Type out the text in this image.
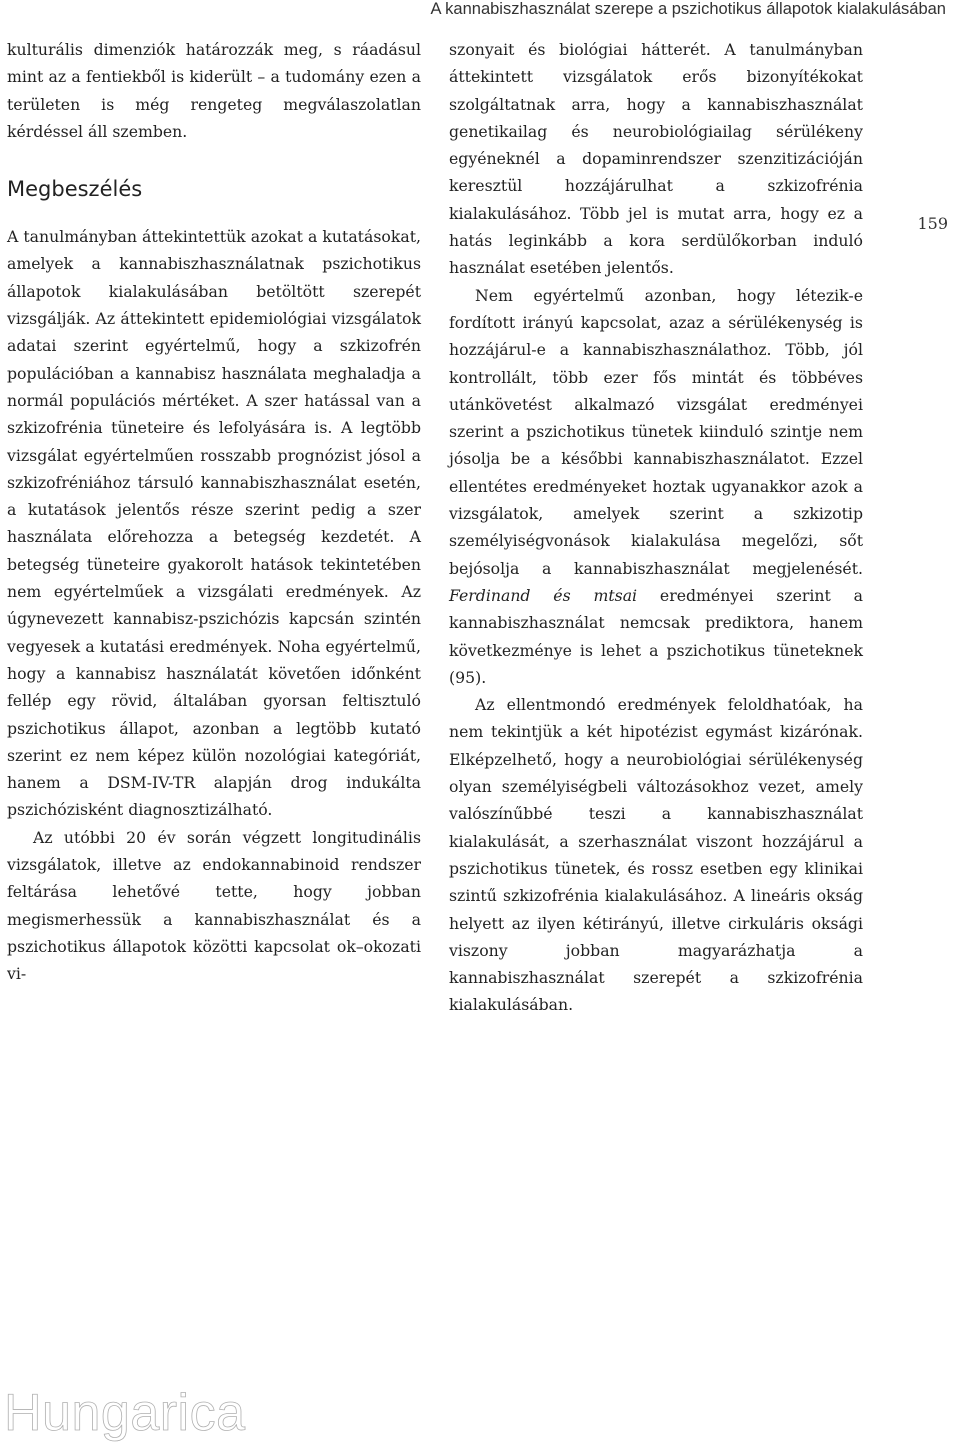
A kannabiszhasználat szerepe a pszichotikus állapotok kialakulásában
159

kulturális dimenziók határozzák meg, s ráadásul mint az a fentiekből is kiderült – a tudomány ezen a területen is még rengeteg megválaszolatlan kérdéssel áll szemben.

Megbeszélés

A tanulmányban áttekintettük azokat a kutatásokat, amelyek a kannabiszhasználatnak pszichotikus állapotok kialakulásában betöltött szerepét vizsgálják. Az áttekintett epidemiológiai vizsgálatok adatai szerint egyértelmű, hogy a szkizofrén populációban a kannabisz használata meghaladja a normál populációs mértéket. A szer hatással van a szkizofrénia tüneteire és lefolyására is. A legtöbb vizsgálat egyértelműen rosszabb prognózist jósol a szkizofréniához társuló kannabiszhasználat esetén, a kutatások jelentős része szerint pedig a szer használata előrehozza a betegség kezdetét. A betegség tüneteire gyakorolt hatások tekintetében nem egyértelműek a vizsgálati eredmények. Az úgynevezett kannabisz-pszichózis kapcsán szintén vegyesek a kutatási eredmények. Noha egyértelmű, hogy a kannabisz használatát követően időnként fellép egy rövid, általában gyorsan feltisztuló pszichotikus állapot, azonban a legtöbb kutató szerint ez nem képez külön nozológiai kategóriát, hanem a DSM-IV-TR alapján drog indukálta pszichózisként diagnosztizálható.

Az utóbbi 20 év során végzett longitudinális vizsgálatok, illetve az endokannabinoid rendszer feltárása lehetővé tette, hogy jobban megismerhessük a kannabiszhasználat és a pszichotikus állapotok közötti kapcsolat ok–okozati vi-

szonyait és biológiai hátterét. A tanulmányban áttekintett vizsgálatok erős bizonyítékokat szolgáltatnak arra, hogy a kannabiszhasználat genetikailag és neurobiológiailag sérülékeny egyéneknél a dopaminrendszer szenzitizációján keresztül hozzájárulhat a szkizofrénia kialakulásához. Több jel is mutat arra, hogy ez a hatás leginkább a kora serdülőkorban induló használat esetében jelentős.

Nem egyértelmű azonban, hogy létezik-e fordított irányú kapcsolat, azaz a sérülékenység is hozzájárul-e a kannabiszhasználathoz. Több, jól kontrollált, több ezer fős mintát és többéves utánkövetést alkalmazó vizsgálat eredményei szerint a pszichotikus tünetek kiinduló szintje nem jósolja be a későbbi kannabiszhasználatot. Ezzel ellentétes eredményeket hoztak ugyanakkor azok a vizsgálatok, amelyek szerint a szkizotip személyiségvonások kialakulása megelőzi, sőt bejósolja a kannabiszhasználat megjelenését. Ferdinand és mtsai eredményei szerint a kannabiszhasználat nemcsak prediktora, hanem következménye is lehet a pszichotikus tüneteknek (95).

Az ellentmondó eredmények feloldhatóak, ha nem tekintjük a két hipotézist egymást kizárónak. Elképzelhető, hogy a neurobiológiai sérülékenység olyan személyiségbeli változásokhoz vezet, amely valószínűbbé teszi a kannabiszhasználat kialakulását, a szerhasználat viszont hozzájárul a pszichotikus tünetek, és rossz esetben egy klinikai szintű szkizofrénia kialakulásához. A lineáris okság helyett az ilyen kétirányú, illetve cirkuláris oksági viszony jobban magyarázhatja a kannabiszhasználat szerepét a szkizofrénia kialakulásában.

Hungarica
